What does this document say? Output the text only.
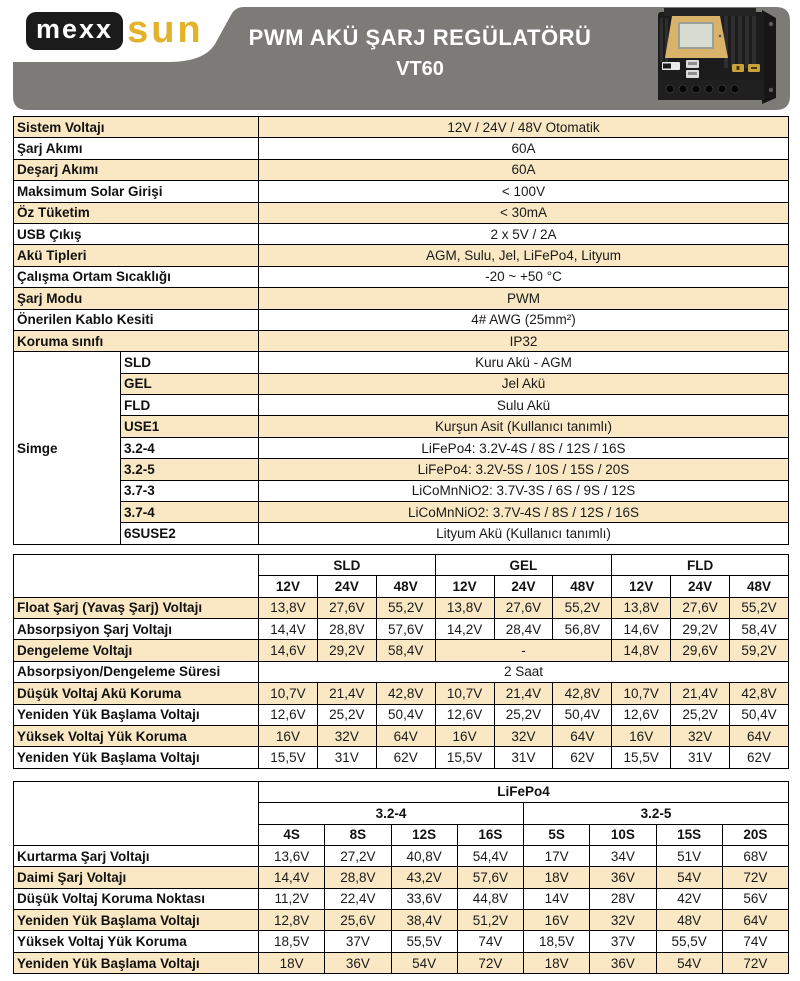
mexx sun	PWM AKÜ ŞARJ REGÜLATÖRÜ
VT60
Sistem Voltajı		12V / 24V / 48V Otomatik
Şarj Akımı		60A
Deşarj Akımı		60A
Maksimum Solar Girişi		< 100V
Öz Tüketim		< 30mA
USB Çıkış		2 x 5V / 2A
Akü Tipleri		AGM, Sulu, Jel, LiFePo4, Lityum
Çalışma Ortam Sıcaklığı		-20 ~ +50 °C
Şarj Modu		PWM
Önerilen Kablo Kesiti		4# AWG (25mm²)
Koruma sınıfı		IP32
Simge	SLD	Kuru Akü - AGM
	GEL	Jel Akü
	FLD	Sulu Akü
	USE1	Kurşun Asit (Kullanıcı tanımlı)
	3.2-4	LiFePo4: 3.2V-4S / 8S / 12S / 16S
	3.2-5	LiFePo4: 3.2V-5S / 10S / 15S / 20S
	3.7-3	LiCoMnNiO2: 3.7V-3S / 6S / 9S / 12S
	3.7-4	LiCoMnNiO2: 3.7V-4S / 8S / 12S / 16S
	6SUSE2	Lityum Akü (Kullanıcı tanımlı)
	SLD			GEL			FLD		
	12V	24V	48V	12V	24V	48V	12V	24V	48V
Float Şarj (Yavaş Şarj) Voltajı	13,8V	27,6V	55,2V	13,8V	27,6V	55,2V	13,8V	27,6V	55,2V
Absorpsiyon Şarj Voltajı	14,4V	28,8V	57,6V	14,2V	28,4V	56,8V	14,6V	29,2V	58,4V
Dengeleme Voltajı	14,6V	29,2V	58,4V	-			14,8V	29,6V	59,2V
Absorpsiyon/Dengeleme Süresi	2 Saat								
Düşük Voltaj Akü Koruma	10,7V	21,4V	42,8V	10,7V	21,4V	42,8V	10,7V	21,4V	42,8V
Yeniden Yük Başlama Voltajı	12,6V	25,2V	50,4V	12,6V	25,2V	50,4V	12,6V	25,2V	50,4V
Yüksek Voltaj Yük Koruma	16V	32V	64V	16V	32V	64V	16V	32V	64V
Yeniden Yük Başlama Voltajı	15,5V	31V	62V	15,5V	31V	62V	15,5V	31V	62V
	LiFePo4							
	3.2-4				3.2-5			
	4S	8S	12S	16S	5S	10S	15S	20S
Kurtarma Şarj Voltajı	13,6V	27,2V	40,8V	54,4V	17V	34V	51V	68V
Daimi Şarj Voltajı	14,4V	28,8V	43,2V	57,6V	18V	36V	54V	72V
Düşük Voltaj Koruma Noktası	11,2V	22,4V	33,6V	44,8V	14V	28V	42V	56V
Yeniden Yük Başlama Voltajı	12,8V	25,6V	38,4V	51,2V	16V	32V	48V	64V
Yüksek Voltaj Yük Koruma	18,5V	37V	55,5V	74V	18,5V	37V	55,5V	74V
Yeniden Yük Başlama Voltajı	18V	36V	54V	72V	18V	36V	54V	72V
